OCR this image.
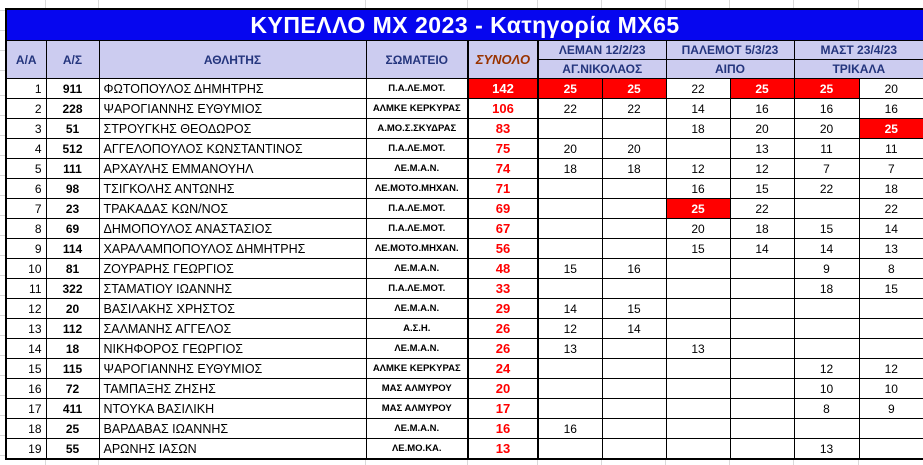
ΚΥΠΕΛΛΟ MX 2023 - Κατηγορία MX65										
Α/Α	Α/Σ	ΑΘΛΗΤΗΣ	ΣΩΜΑΤΕΙΟ	ΣΥΝΟΛΟ	ΛΕΜΑΝ 12/2/23		ΠΑΛΕΜΟΤ 5/3/23		ΜΑΣΤ 23/4/23	
					ΑΓ.ΝΙΚΟΛΑΟΣ		ΑΙΠΟ		ΤΡΙΚΑΛΑ	
1	911	ΦΩΤΟΠΟΥΛΟΣ ΔΗΜΗΤΡΗΣ	Π.Α.ΛΕ.ΜΟΤ.	142	25	25	22	25	25	20
2	228	ΨΑΡΟΓΙΑΝΝΗΣ ΕΥΘΥΜΙΟΣ	ΑΛΜΚΕ ΚΕΡΚΥΡΑΣ	106	22	22	14	16	16	16
3	51	ΣΤΡΟΥΓΚΗΣ ΘΕΟΔΩΡΟΣ	Α.ΜΟ.Σ.ΣΚΥΔΡΑΣ	83			18	20	20	25
4	512	ΑΓΓΕΛΟΠΟΥΛΟΣ ΚΩΝΣΤΑΝΤΙΝΟΣ	Π.Α.ΛΕ.ΜΟΤ.	75	20	20		13	11	11
5	111	ΑΡΧΑΥΛΗΣ ΕΜΜΑΝΟΥΗΛ	ΛΕ.Μ.Α.Ν.	74	18	18	12	12	7	7
6	98	ΤΣΙΓΚΟΛΗΣ ΑΝΤΩΝΗΣ	ΛΕ.ΜΟΤΟ.ΜΗΧΑΝ.	71			16	15	22	18
7	23	ΤΡΑΚΑΔΑΣ ΚΩΝ/ΝΟΣ	Π.Α.ΛΕ.ΜΟΤ.	69			25	22		22
8	69	ΔΗΜΟΠΟΥΛΟΣ ΑΝΑΣΤΑΣΙΟΣ	Π.Α.ΛΕ.ΜΟΤ.	67			20	18	15	14
9	114	ΧΑΡΑΛΑΜΠΟΠΟΥΛΟΣ ΔΗΜΗΤΡΗΣ	ΛΕ.ΜΟΤΟ.ΜΗΧΑΝ.	56			15	14	14	13
10	81	ΖΟΥΡΑΡΗΣ ΓΕΩΡΓΙΟΣ	ΛΕ.Μ.Α.Ν.	48	15	16			9	8
11	322	ΣΤΑΜΑΤΙΟΥ ΙΩΑΝΝΗΣ	Π.Α.ΛΕ.ΜΟΤ.	33					18	15
12	20	ΒΑΣΙΛΑΚΗΣ ΧΡΗΣΤΟΣ	ΛΕ.Μ.Α.Ν.	29	14	15				
13	112	ΣΑΛΜΑΝΗΣ ΑΓΓΕΛΟΣ	Α.Σ.Η.	26	12	14				
14	18	ΝΙΚΗΦΟΡΟΣ ΓΕΩΡΓΙΟΣ	ΛΕ.Μ.Α.Ν.	26	13		13			
15	115	ΨΑΡΟΓΙΑΝΝΗΣ ΕΥΘΥΜΙΟΣ	ΑΛΜΚΕ ΚΕΡΚΥΡΑΣ	24					12	12
16	72	ΤΑΜΠΑΞΗΣ ΖΗΣΗΣ	ΜΑΣ ΑΛΜΥΡΟΥ	20					10	10
17	411	ΝΤΟΥΚΑ ΒΑΣΙΛΙΚΗ	ΜΑΣ ΑΛΜΥΡΟΥ	17					8	9
18	25	ΒΑΡΔΑΒΑΣ ΙΩΑΝΝΗΣ	ΛΕ.Μ.Α.Ν.	16	16					
19	55	ΑΡΩΝΗΣ ΙΑΣΩΝ	ΛΕ.ΜΟ.ΚΑ.	13					13	
